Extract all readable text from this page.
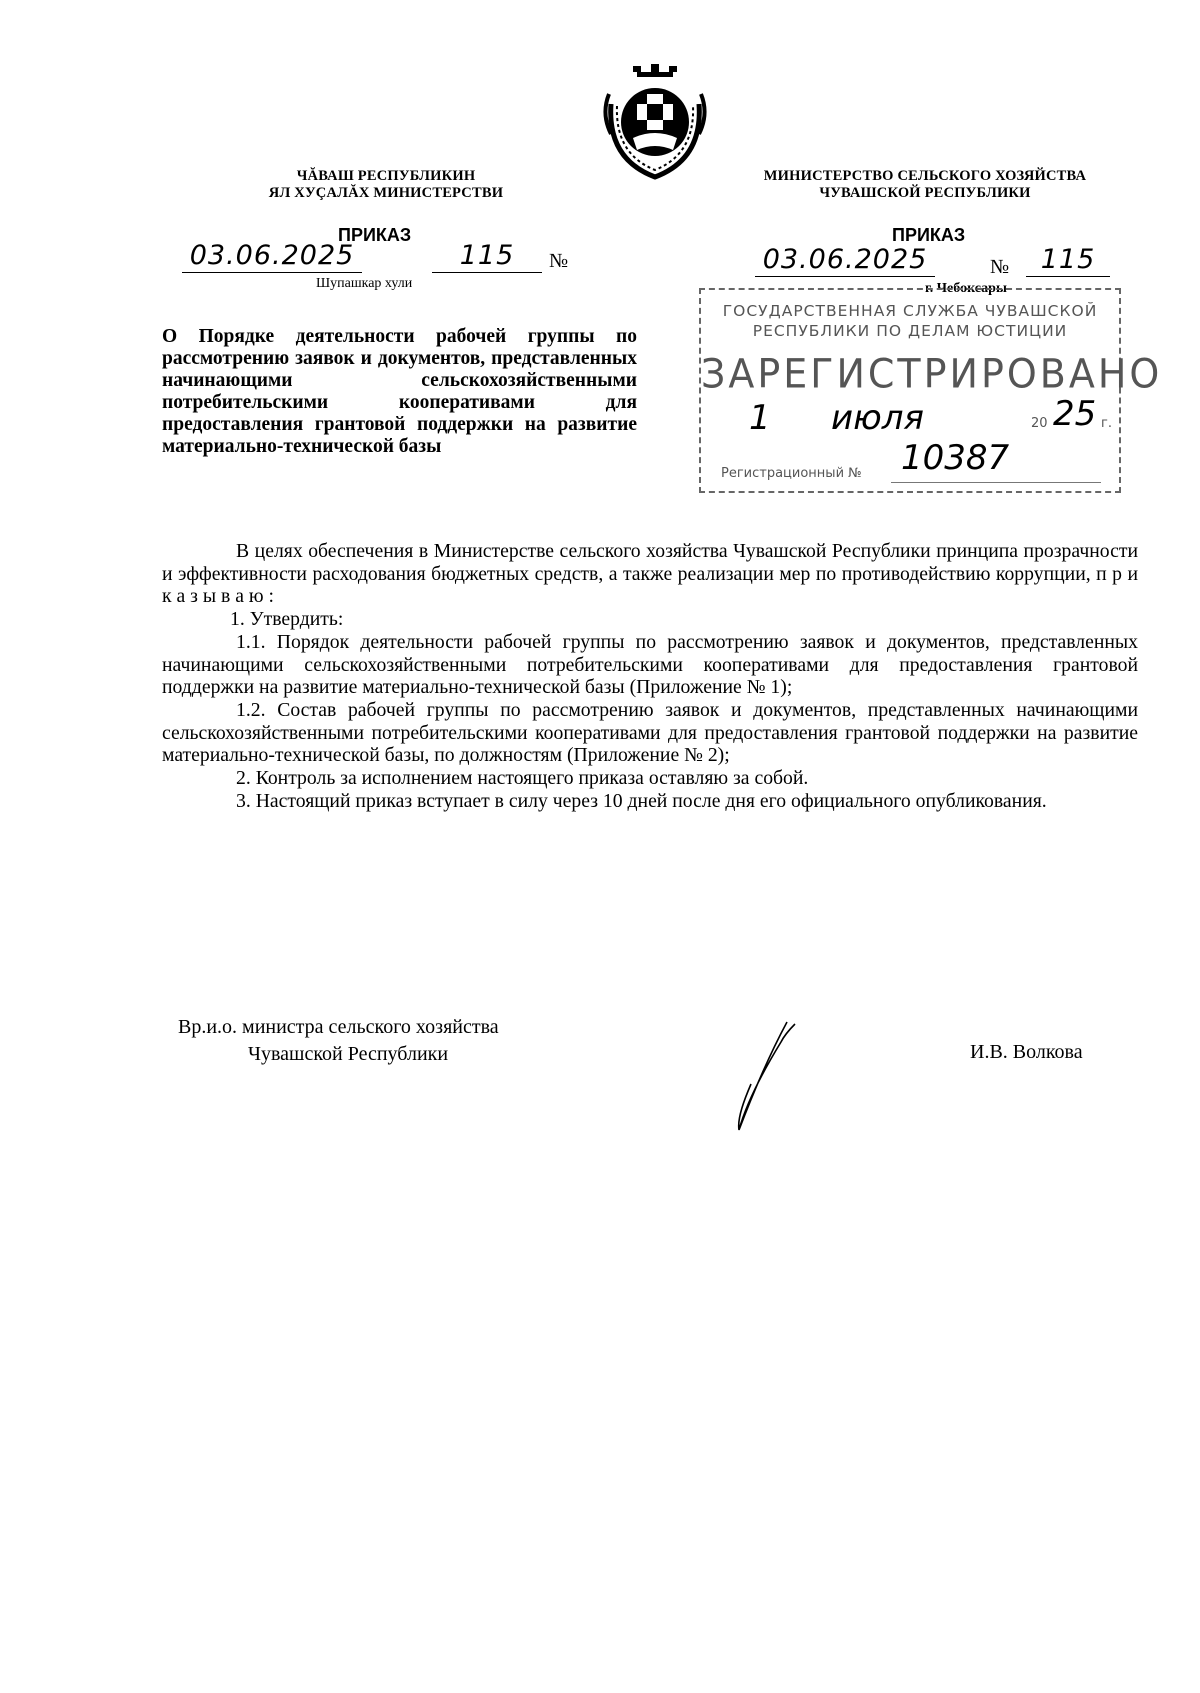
ЧĂВАШ РЕСПУБЛИКИН
ЯЛ ХУÇАЛĂХ МИНИСТЕРСТВИ
МИНИСТЕРСТВО СЕЛЬСКОГО ХОЗЯЙСТВА
ЧУВАШСКОЙ РЕСПУБЛИКИ
ПРИКАЗ
03.06.2025	115	№
Шупашкар хули
ПРИКАЗ
03.06.2025	№	115
г. Чебоксары
О Порядке деятельности рабочей группы по рассмотрению заявок и документов, представленных начинающими сельскохозяйственными потребительскими кооперативами для предоставления грантовой поддержки на развитие материально-технической базы
ГОСУДАРСТВЕННАЯ СЛУЖБА ЧУВАШСКОЙ
РЕСПУБЛИКИ ПО ДЕЛАМ ЮСТИЦИИ
ЗАРЕГИСТРИРОВАНО
1 июля	20 25 г.
Регистрационный № 10387

В целях обеспечения в Министерстве сельского хозяйства Чувашской Республики принципа прозрачности и эффективности расходования бюджетных средств, а также реализации мер по противодействию коррупции, п р и к а з ы в а ю :

1. Утвердить:

1.1. Порядок деятельности рабочей группы по рассмотрению заявок и документов, представленных начинающими сельскохозяйственными потребительскими кооперативами для предоставления грантовой поддержки на развитие материально-технической базы (Приложение № 1);

1.2. Состав рабочей группы по рассмотрению заявок и документов, представленных начинающими сельскохозяйственными потребительскими кооперативами для предоставления грантовой поддержки на развитие материально-технической базы, по должностям (Приложение № 2);

2. Контроль за исполнением настоящего приказа оставляю за собой.

3. Настоящий приказ вступает в силу через 10 дней после дня его официального опубликования.

Вр.и.о. министра сельского хозяйства
Чувашской Республики	И.В. Волкова
